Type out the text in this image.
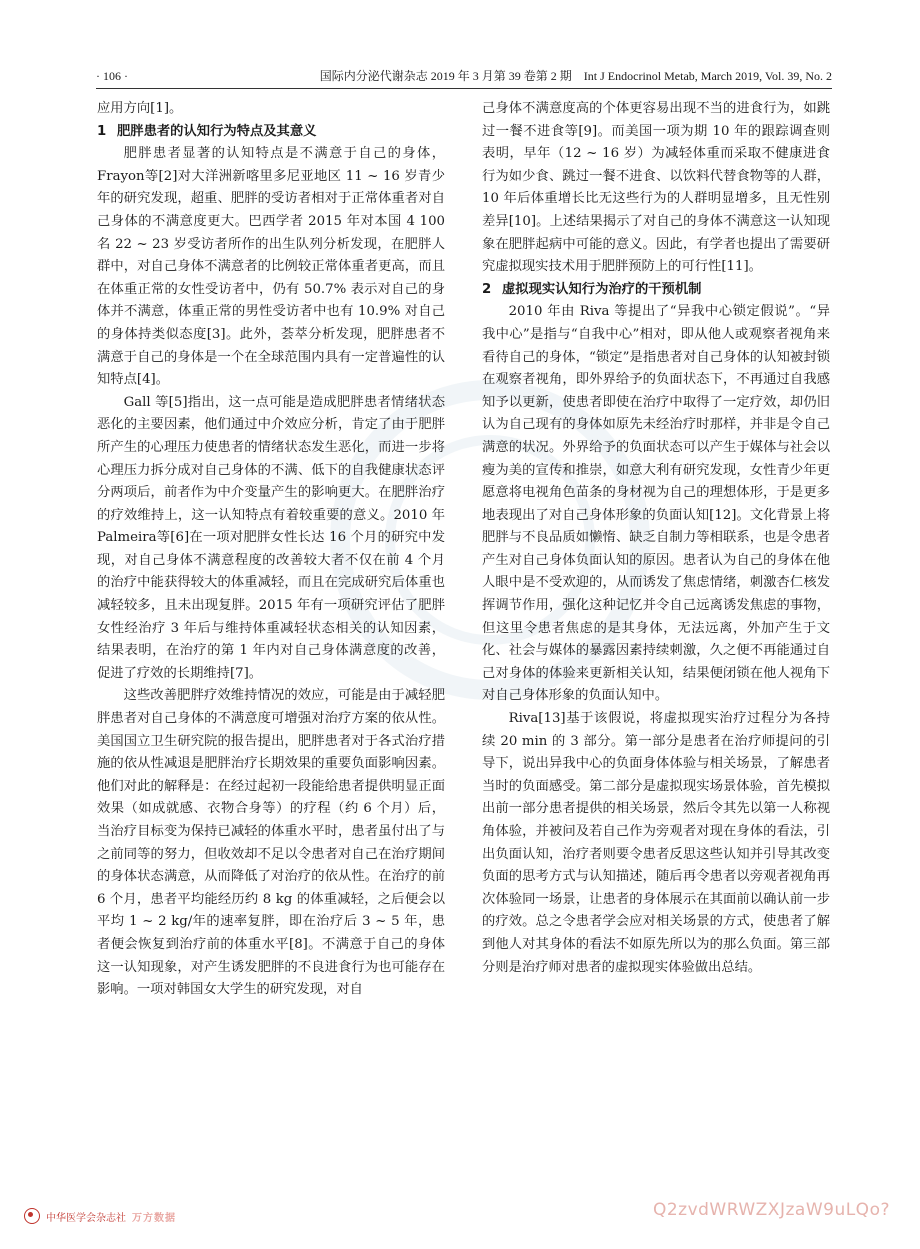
· 106 ·	国际内分泌代谢杂志 2019 年 3 月第 39 卷第 2 期　Int J Endocrinol Metab, March 2019, Vol. 39, No. 2

应用方向[1]。

1 肥胖患者的认知行为特点及其意义

肥胖患者显著的认知特点是不满意于自己的身体，Frayon等[2]对大洋洲新喀里多尼亚地区 11 ~ 16 岁青少年的研究发现，超重、肥胖的受访者相对于正常体重者对自己身体的不满意度更大。巴西学者 2015 年对本国 4 100名 22 ~ 23 岁受访者所作的出生队列分析发现，在肥胖人群中，对自己身体不满意者的比例较正常体重者更高，而且在体重正常的女性受访者中，仍有 50.7% 表示对自己的身体并不满意，体重正常的男性受访者中也有 10.9% 对自己的身体持类似态度[3]。此外，荟萃分析发现，肥胖患者不满意于自己的身体是一个在全球范围内具有一定普遍性的认知特点[4]。

Gall 等[5]指出，这一点可能是造成肥胖患者情绪状态恶化的主要因素，他们通过中介效应分析，肯定了由于肥胖所产生的心理压力使患者的情绪状态发生恶化，而进一步将心理压力拆分成对自己身体的不满、低下的自我健康状态评分两项后，前者作为中介变量产生的影响更大。在肥胖治疗的疗效维持上，这一认知特点有着较重要的意义。2010 年 Palmeira等[6]在一项对肥胖女性长达 16 个月的研究中发现，对自己身体不满意程度的改善较大者不仅在前 4 个月的治疗中能获得较大的体重减轻，而且在完成研究后体重也减轻较多，且未出现复胖。2015 年有一项研究评估了肥胖女性经治疗 3 年后与维持体重减轻状态相关的认知因素，结果表明，在治疗的第 1 年内对自己身体满意度的改善，促进了疗效的长期维持[7]。

这些改善肥胖疗效维持情况的效应，可能是由于减轻肥胖患者对自己身体的不满意度可增强对治疗方案的依从性。美国国立卫生研究院的报告提出，肥胖患者对于各式治疗措施的依从性减退是肥胖治疗长期效果的重要负面影响因素。他们对此的解释是：在经过起初一段能给患者提供明显正面效果（如成就感、衣物合身等）的疗程（约 6 个月）后，当治疗目标变为保持已减轻的体重水平时，患者虽付出了与之前同等的努力，但收效却不足以令患者对自己在治疗期间的身体状态满意，从而降低了对治疗的依从性。在治疗的前 6 个月，患者平均能经历约 8 kg 的体重减轻，之后便会以平均 1 ~ 2 kg/年的速率复胖，即在治疗后 3 ~ 5 年，患者便会恢复到治疗前的体重水平[8]。不满意于自己的身体这一认知现象，对产生诱发肥胖的不良进食行为也可能存在影响。一项对韩国女大学生的研究发现，对自

己身体不满意度高的个体更容易出现不当的进食行为，如跳过一餐不进食等[9]。而美国一项为期 10 年的跟踪调查则表明，早年（12 ~ 16 岁）为减轻体重而采取不健康进食行为如少食、跳过一餐不进食、以饮料代替食物等的人群，10 年后体重增长比无这些行为的人群明显增多，且无性别差异[10]。上述结果揭示了对自己的身体不满意这一认知现象在肥胖起病中可能的意义。因此，有学者也提出了需要研究虚拟现实技术用于肥胖预防上的可行性[11]。

2 虚拟现实认知行为治疗的干预机制

2010 年由 Riva 等提出了“异我中心锁定假说”。“异我中心”是指与“自我中心”相对，即从他人或观察者视角来看待自己的身体，“锁定”是指患者对自己身体的认知被封锁在观察者视角，即外界给予的负面状态下，不再通过自我感知予以更新，使患者即使在治疗中取得了一定疗效，却仍旧认为自己现有的身体如原先未经治疗时那样，并非是令自己满意的状况。外界给予的负面状态可以产生于媒体与社会以瘦为美的宣传和推崇，如意大利有研究发现，女性青少年更愿意将电视角色苗条的身材视为自己的理想体形，于是更多地表现出了对自己身体形象的负面认知[12]。文化背景上将肥胖与不良品质如懒惰、缺乏自制力等相联系，也是令患者产生对自己身体负面认知的原因。患者认为自己的身体在他人眼中是不受欢迎的，从而诱发了焦虑情绪，刺激杏仁核发挥调节作用，强化这种记忆并令自己远离诱发焦虑的事物，但这里令患者焦虑的是其身体，无法远离，外加产生于文化、社会与媒体的暴露因素持续刺激，久之便不再能通过自己对身体的体验来更新相关认知，结果便闭锁在他人视角下对自己身体形象的负面认知中。

Riva[13]基于该假说，将虚拟现实治疗过程分为各持续 20 min 的 3 部分。第一部分是患者在治疗师提问的引导下，说出异我中心的负面身体体验与相关场景，了解患者当时的负面感受。第二部分是虚拟现实场景体验，首先模拟出前一部分患者提供的相关场景，然后令其先以第一人称视角体验，并被问及若自己作为旁观者对现在身体的看法，引出负面认知，治疗者则要令患者反思这些认知并引导其改变负面的思考方式与认知描述，随后再令患者以旁观者视角再次体验同一场景，让患者的身体展示在其面前以确认前一步的疗效。总之令患者学会应对相关场景的方式，使患者了解到他人对其身体的看法不如原先所以为的那么负面。第三部分则是治疗师对患者的虚拟现实体验做出总结。

中华医学会杂志社 万方数据	Q2zvdWRWZXJzaW9uLQo?
